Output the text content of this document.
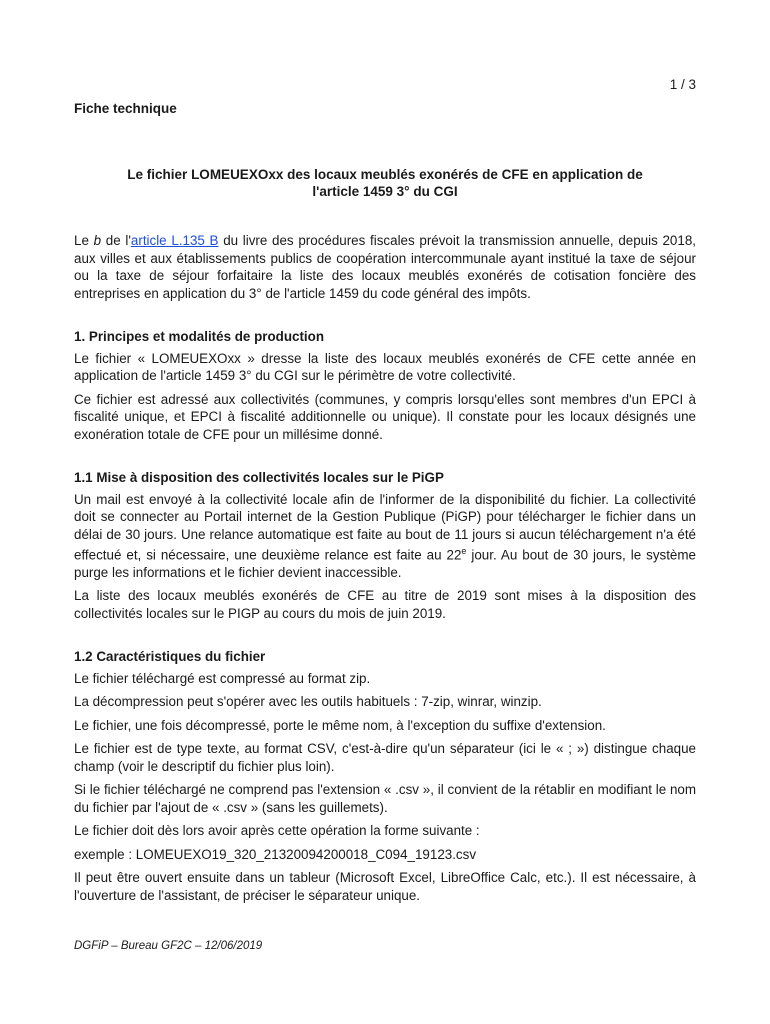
1 / 3
Fiche technique
Le fichier LOMEUEXOxx des locaux meublés exonérés de CFE en application de
l'article 1459 3° du CGI

Le b de l'article L.135 B du livre des procédures fiscales prévoit la transmission annuelle, depuis 2018, aux villes et aux établissements publics de coopération intercommunale ayant institué la taxe de séjour ou la taxe de séjour forfaitaire la liste des locaux meublés exonérés de cotisation foncière des entreprises en application du 3° de l'article 1459 du code général des impôts.

1. Principes et modalités de production

Le fichier « LOMEUEXOxx » dresse la liste des locaux meublés exonérés de CFE cette année en application de l'article 1459 3° du CGI sur le périmètre de votre collectivité.

Ce fichier est adressé aux collectivités (communes, y compris lorsqu'elles sont membres d'un EPCI à fiscalité unique, et EPCI à fiscalité additionnelle ou unique). Il constate pour les locaux désignés une exonération totale de CFE pour un millésime donné.

1.1 Mise à disposition des collectivités locales sur le PiGP

Un mail est envoyé à la collectivité locale afin de l'informer de la disponibilité du fichier. La collectivité doit se connecter au Portail internet de la Gestion Publique (PiGP) pour télécharger le fichier dans un délai de 30 jours. Une relance automatique est faite au bout de 11 jours si aucun téléchargement n'a été effectué et, si nécessaire, une deuxième relance est faite au 22e jour. Au bout de 30 jours, le système purge les informations et le fichier devient inaccessible.

La liste des locaux meublés exonérés de CFE au titre de 2019 sont mises à la disposition des collectivités locales sur le PIGP au cours du mois de juin 2019.

1.2 Caractéristiques du fichier

Le fichier téléchargé est compressé au format zip.

La décompression peut s'opérer avec les outils habituels : 7-zip, winrar, winzip.

Le fichier, une fois décompressé, porte le même nom, à l'exception du suffixe d'extension.

Le fichier est de type texte, au format CSV, c'est-à-dire qu'un séparateur (ici le « ; ») distingue chaque champ (voir le descriptif du fichier plus loin).

Si le fichier téléchargé ne comprend pas l'extension « .csv », il convient de la rétablir en modifiant le nom du fichier par l'ajout de « .csv » (sans les guillemets).

Le fichier doit dès lors avoir après cette opération la forme suivante :

exemple : LOMEUEXO19_320_21320094200018_C094_19123.csv

Il peut être ouvert ensuite dans un tableur (Microsoft Excel, LibreOffice Calc, etc.). Il est nécessaire, à l'ouverture de l'assistant, de préciser le séparateur unique.

DGFiP – Bureau GF2C – 12/06/2019
